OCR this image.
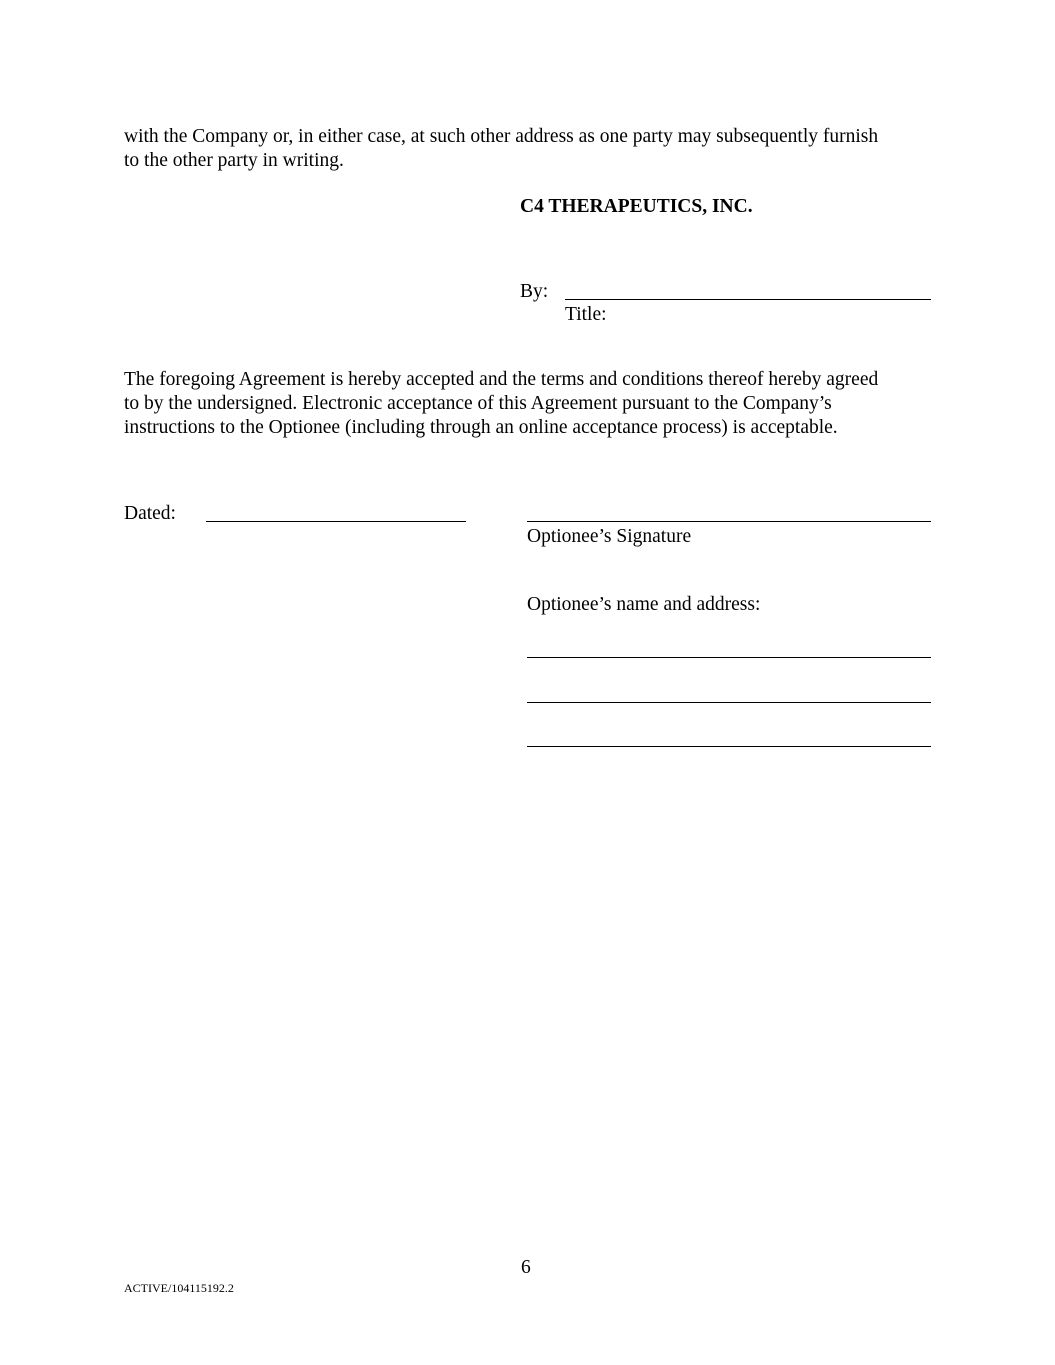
with the Company or, in either case, at such other address as one party may subsequently furnish

to the other party in writing.

C4 THERAPEUTICS, INC.

By:

Title:

The foregoing Agreement is hereby accepted and the terms and conditions thereof hereby agreed

to by the undersigned. Electronic acceptance of this Agreement pursuant to the Company’s

instructions to the Optionee (including through an online acceptance process) is acceptable.

Dated:

Optionee’s Signature

Optionee’s name and address:

6

ACTIVE/104115192.2
